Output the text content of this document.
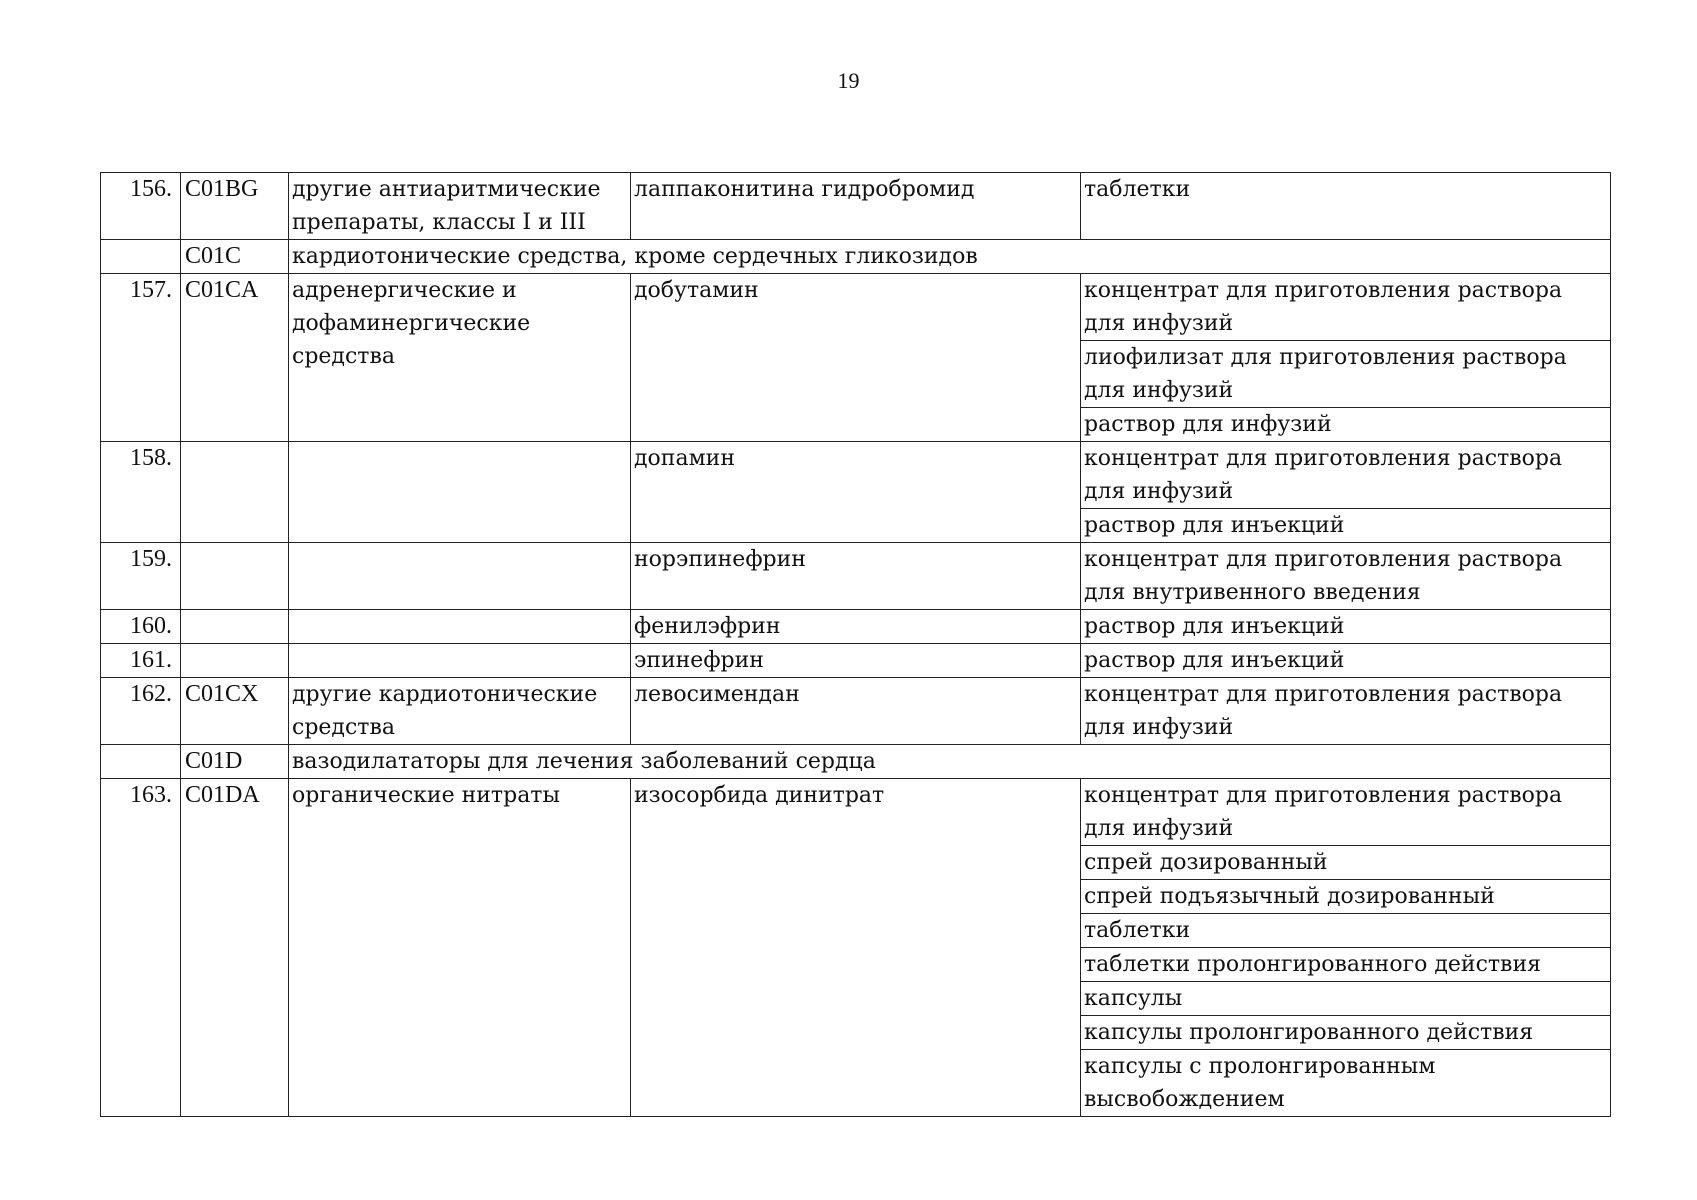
19
156.	C01BG	другие антиаритмические препараты, классы I и III	лаппаконитина гидробромид	таблетки
	C01C	кардиотонические средства, кроме сердечных гликозидов		
157.	C01CA	адренергические и дофаминергические средства	добутамин	концентрат для приготовления раствора для инфузий
				лиофилизат для приготовления раствора для инфузий
				раствор для инфузий
158.			допамин	концентрат для приготовления раствора для инфузий
				раствор для инъекций
159.			норэпинефрин	концентрат для приготовления раствора для внутривенного введения
160.			фенилэфрин	раствор для инъекций
161.			эпинефрин	раствор для инъекций
162.	C01CX	другие кардиотонические средства	левосимендан	концентрат для приготовления раствора для инфузий
	C01D	вазодилататоры для лечения заболеваний сердца		
163.	C01DA	органические нитраты	изосорбида динитрат	концентрат для приготовления раствора для инфузий
				спрей дозированный
				спрей подъязычный дозированный
				таблетки
				таблетки пролонгированного действия
				капсулы
				капсулы пролонгированного действия
				капсулы с пролонгированным высвобождением
